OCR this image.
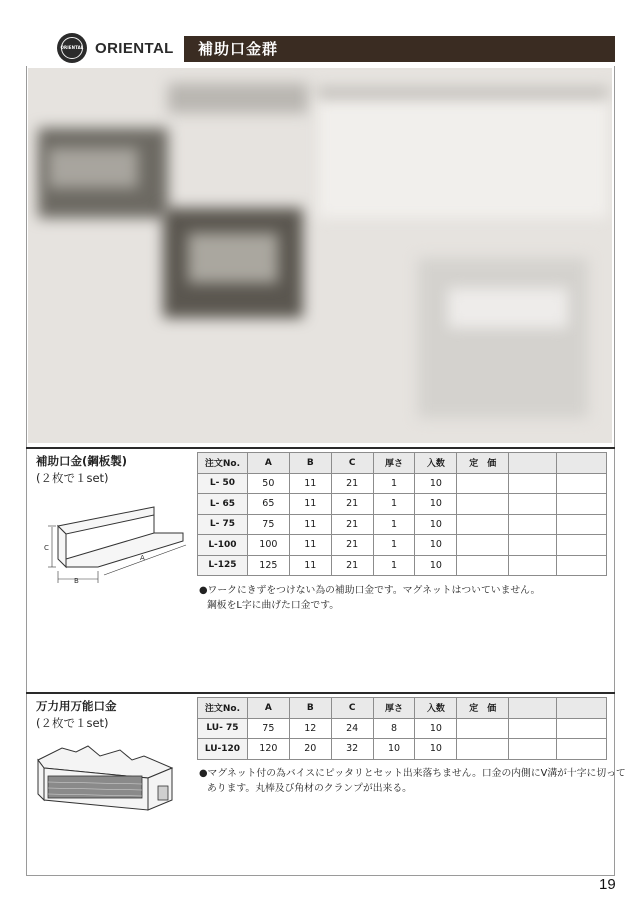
ORIENTAL ORIENTAL 補助口金群
補助口金(鋼板製)
(２枚で１set)
C
B
A
注文No.	A	B	C	厚さ	入数	定　価		
L- 50	50	11	21	1	10			
L- 65	65	11	21	1	10			
L- 75	75	11	21	1	10			
L-100	100	11	21	1	10			
L-125	125	11	21	1	10			
●ワークにきずをつけない為の補助口金です。マグネットはついていません。
鋼板をL字に曲げた口金です。
万力用万能口金
(２枚で１set)
注文No.	A	B	C	厚さ	入数	定　価		
LU- 75	75	12	24	8	10			
LU-120	120	20	32	10	10			
●マグネット付の為バイスにピッタリとセット出来落ちません。口金の内側にV溝が十字に切って
あります。丸棒及び角材のクランプが出来る。
19
